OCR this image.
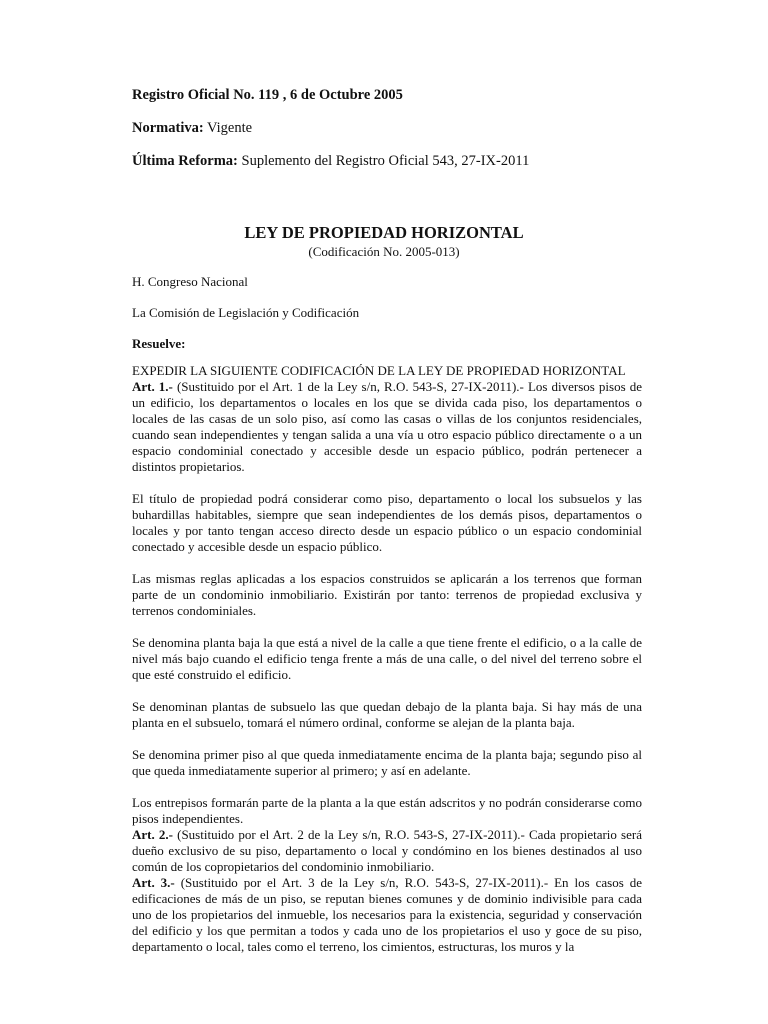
Registro Oficial No. 119 , 6 de Octubre 2005

Normativa: Vigente

Última Reforma: Suplemento del Registro Oficial 543, 27-IX-2011

LEY DE PROPIEDAD HORIZONTAL
(Codificación No. 2005-013)
H. Congreso Nacional
La Comisión de Legislación y Codificación
Resuelve:

EXPEDIR LA SIGUIENTE CODIFICACIÓN DE LA LEY DE PROPIEDAD HORIZONTAL

Art. 1.- (Sustituido por el Art. 1 de la Ley s/n, R.O. 543-S, 27-IX-2011).- Los diversos pisos de un edificio, los departamentos o locales en los que se divida cada piso, los departamentos o locales de las casas de un solo piso, así como las casas o villas de los conjuntos residenciales, cuando sean independientes y tengan salida a una vía u otro espacio público directamente o a un espacio condominial conectado y accesible desde un espacio público, podrán pertenecer a distintos propietarios.

El título de propiedad podrá considerar como piso, departamento o local los subsuelos y las buhardillas habitables, siempre que sean independientes de los demás pisos, departamentos o locales y por tanto tengan acceso directo desde un espacio público o un espacio condominial conectado y accesible desde un espacio público.

Las mismas reglas aplicadas a los espacios construidos se aplicarán a los terrenos que forman parte de un condominio inmobiliario. Existirán por tanto: terrenos de propiedad exclusiva y terrenos condominiales.

Se denomina planta baja la que está a nivel de la calle a que tiene frente el edificio, o a la calle de nivel más bajo cuando el edificio tenga frente a más de una calle, o del nivel del terreno sobre el que esté construido el edificio.

Se denominan plantas de subsuelo las que quedan debajo de la planta baja. Si hay más de una planta en el subsuelo, tomará el número ordinal, conforme se alejan de la planta baja.

Se denomina primer piso al que queda inmediatamente encima de la planta baja; segundo piso al que queda inmediatamente superior al primero; y así en adelante.

Los entrepisos formarán parte de la planta a la que están adscritos y no podrán considerarse como pisos independientes.

Art. 2.- (Sustituido por el Art. 2 de la Ley s/n, R.O. 543-S, 27-IX-2011).- Cada propietario será dueño exclusivo de su piso, departamento o local y condómino en los bienes destinados al uso común de los copropietarios del condominio inmobiliario.

Art. 3.- (Sustituido por el Art. 3 de la Ley s/n, R.O. 543-S, 27-IX-2011).- En los casos de edificaciones de más de un piso, se reputan bienes comunes y de dominio indivisible para cada uno de los propietarios del inmueble, los necesarios para la existencia, seguridad y conservación del edificio y los que permitan a todos y cada uno de los propietarios el uso y goce de su piso, departamento o local, tales como el terreno, los cimientos, estructuras, los muros y la
